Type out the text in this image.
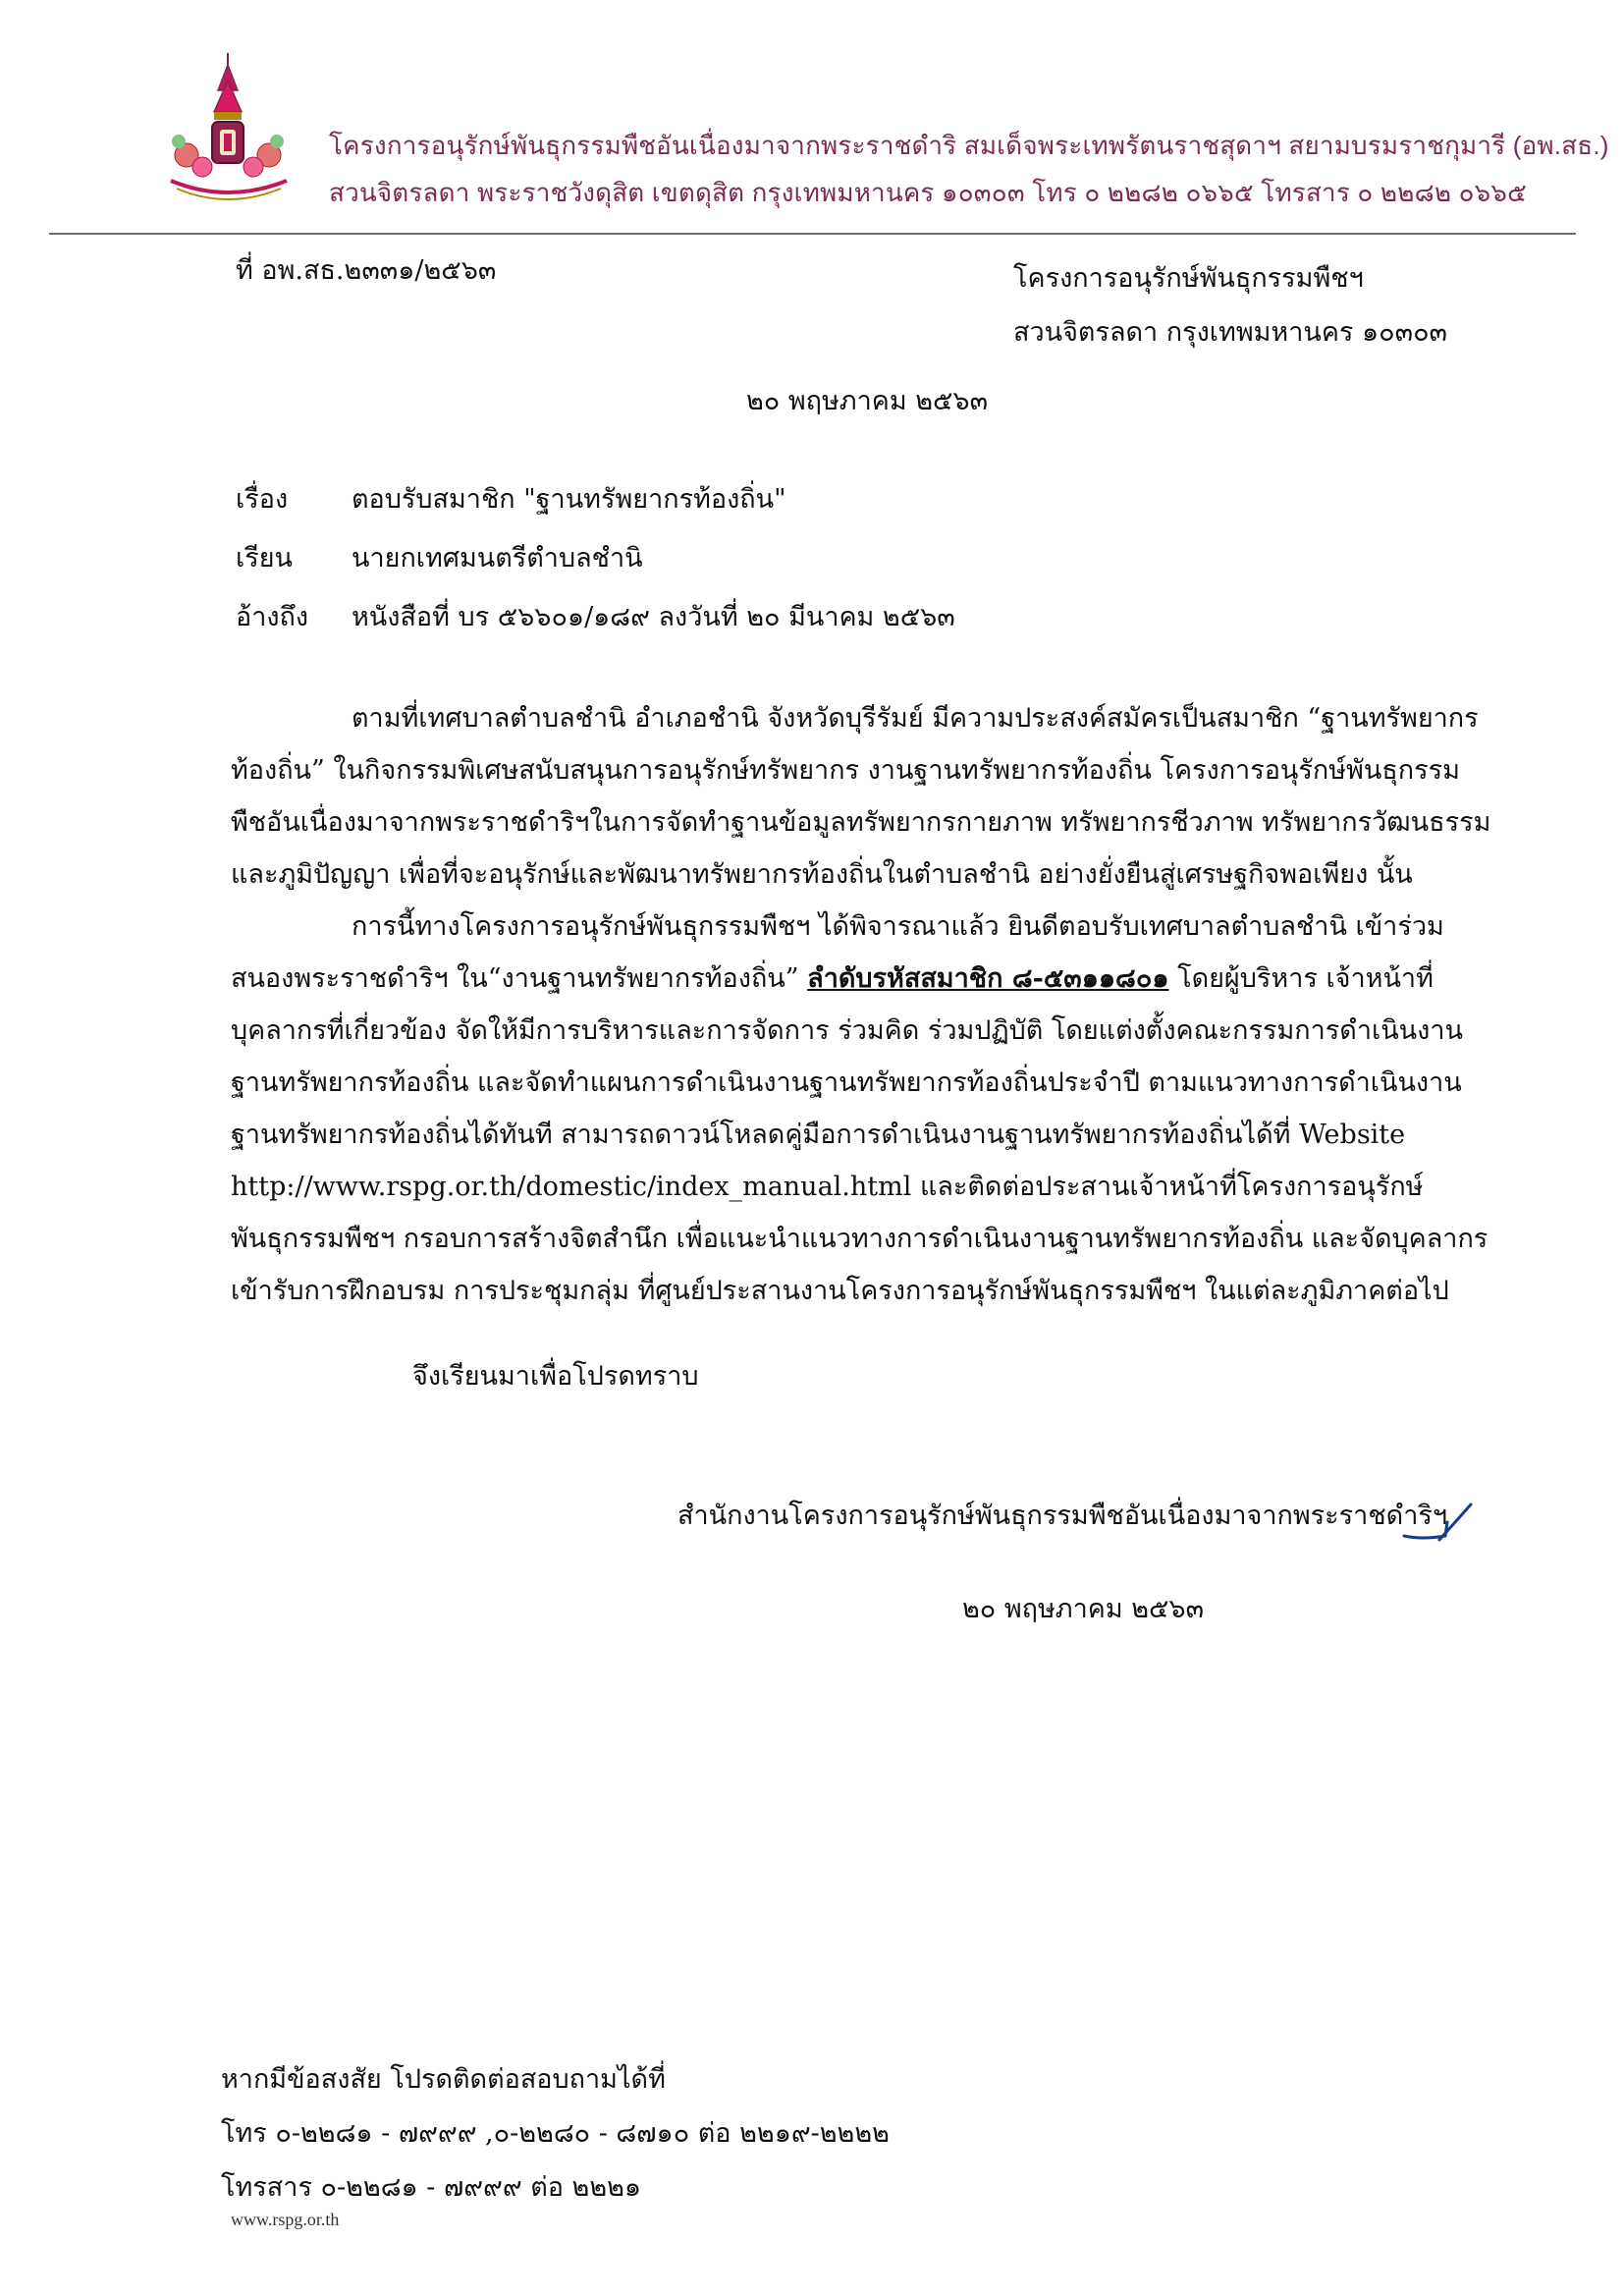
โครงการอนุรักษ์พันธุกรรมพืชอันเนื่องมาจากพระราชดำริ สมเด็จพระเทพรัตนราชสุดาฯ สยามบรมราชกุมารี (อพ.สธ.)
สวนจิตรลดา พระราชวังดุสิต เขตดุสิต กรุงเทพมหานคร ๑๐๓๐๓ โทร ๐ ๒๒๘๒ ๐๖๖๕ โทรสาร ๐ ๒๒๘๒ ๐๖๖๕
ที่ อพ.สธ.๒๓๓๑/๒๕๖๓	โครงการอนุรักษ์พันธุกรรมพืชฯ
สวนจิตรลดา กรุงเทพมหานคร ๑๐๓๐๓
๒๐ พฤษภาคม ๒๕๖๓
เรื่อง ตอบรับสมาชิก "ฐานทรัพยากรท้องถิ่น"
เรียน นายกเทศมนตรีตำบลชำนิ
อ้างถึง หนังสือที่ บร ๕๖๖๐๑/๑๘๙ ลงวันที่ ๒๐ มีนาคม ๒๕๖๓
ตามที่เทศบาลตำบลชำนิ อำเภอชำนิ จังหวัดบุรีรัมย์ มีความประสงค์สมัครเป็นสมาชิก “ฐานทรัพยากร
ท้องถิ่น” ในกิจกรรมพิเศษสนับสนุนการอนุรักษ์ทรัพยากร งานฐานทรัพยากรท้องถิ่น โครงการอนุรักษ์พันธุกรรม
พืชอันเนื่องมาจากพระราชดำริฯในการจัดทำฐานข้อมูลทรัพยากรกายภาพ ทรัพยากรชีวภาพ ทรัพยากรวัฒนธรรม
และภูมิปัญญา เพื่อที่จะอนุรักษ์และพัฒนาทรัพยากรท้องถิ่นในตำบลชำนิ อย่างยั่งยืนสู่เศรษฐกิจพอเพียง นั้น
การนี้ทางโครงการอนุรักษ์พันธุกรรมพืชฯ ได้พิจารณาแล้ว ยินดีตอบรับเทศบาลตำบลชำนิ เข้าร่วม
สนองพระราชดำริฯ ใน“งานฐานทรัพยากรท้องถิ่น” ลำดับรหัสสมาชิก ๘-๕๓๑๑๘๐๑ โดยผู้บริหาร เจ้าหน้าที่
บุคลากรที่เกี่ยวข้อง จัดให้มีการบริหารและการจัดการ ร่วมคิด ร่วมปฏิบัติ โดยแต่งตั้งคณะกรรมการดำเนินงาน
ฐานทรัพยากรท้องถิ่น และจัดทำแผนการดำเนินงานฐานทรัพยากรท้องถิ่นประจำปี ตามแนวทางการดำเนินงาน
ฐานทรัพยากรท้องถิ่นได้ทันที สามารถดาวน์โหลดคู่มือการดำเนินงานฐานทรัพยากรท้องถิ่นได้ที่ Website
http://www.rspg.or.th/domestic/index_manual.html และติดต่อประสานเจ้าหน้าที่โครงการอนุรักษ์
พันธุกรรมพืชฯ กรอบการสร้างจิตสำนึก เพื่อแนะนำแนวทางการดำเนินงานฐานทรัพยากรท้องถิ่น และจัดบุคลากร
เข้ารับการฝึกอบรม การประชุมกลุ่ม ที่ศูนย์ประสานงานโครงการอนุรักษ์พันธุกรรมพืชฯ ในแต่ละภูมิภาคต่อไป
จึงเรียนมาเพื่อโปรดทราบ
สำนักงานโครงการอนุรักษ์พันธุกรรมพืชอันเนื่องมาจากพระราชดำริฯ
๒๐ พฤษภาคม ๒๕๖๓
หากมีข้อสงสัย โปรดติดต่อสอบถามได้ที่
โทร ๐-๒๒๘๑ - ๗๙๙๙ ,๐-๒๒๘๐ - ๘๗๑๐ ต่อ ๒๒๑๙-๒๒๒๒
โทรสาร ๐-๒๒๘๑ - ๗๙๙๙ ต่อ ๒๒๒๑
www.rspg.or.th
